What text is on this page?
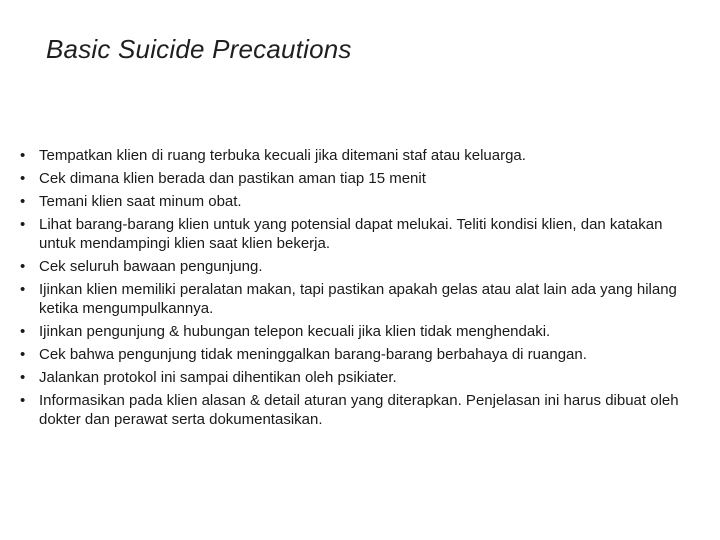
Basic Suicide Precautions
• Tempatkan klien di ruang terbuka kecuali jika ditemani staf atau keluarga.
• Cek dimana klien berada dan pastikan aman tiap 15 menit
• Temani klien saat minum obat.
• Lihat barang-barang klien untuk yang potensial dapat melukai. Teliti kondisi klien, dan katakan untuk mendampingi klien saat klien bekerja.
• Cek seluruh bawaan pengunjung.
• Ijinkan klien memiliki peralatan makan, tapi pastikan apakah gelas atau alat lain ada yang hilang ketika mengumpulkannya.
• Ijinkan pengunjung & hubungan telepon kecuali jika klien tidak menghendaki.
• Cek bahwa pengunjung tidak meninggalkan barang-barang berbahaya di ruangan.
• Jalankan protokol ini sampai dihentikan oleh psikiater.
• Informasikan pada klien alasan & detail aturan yang diterapkan. Penjelasan ini harus dibuat oleh dokter dan perawat serta dokumentasikan.
